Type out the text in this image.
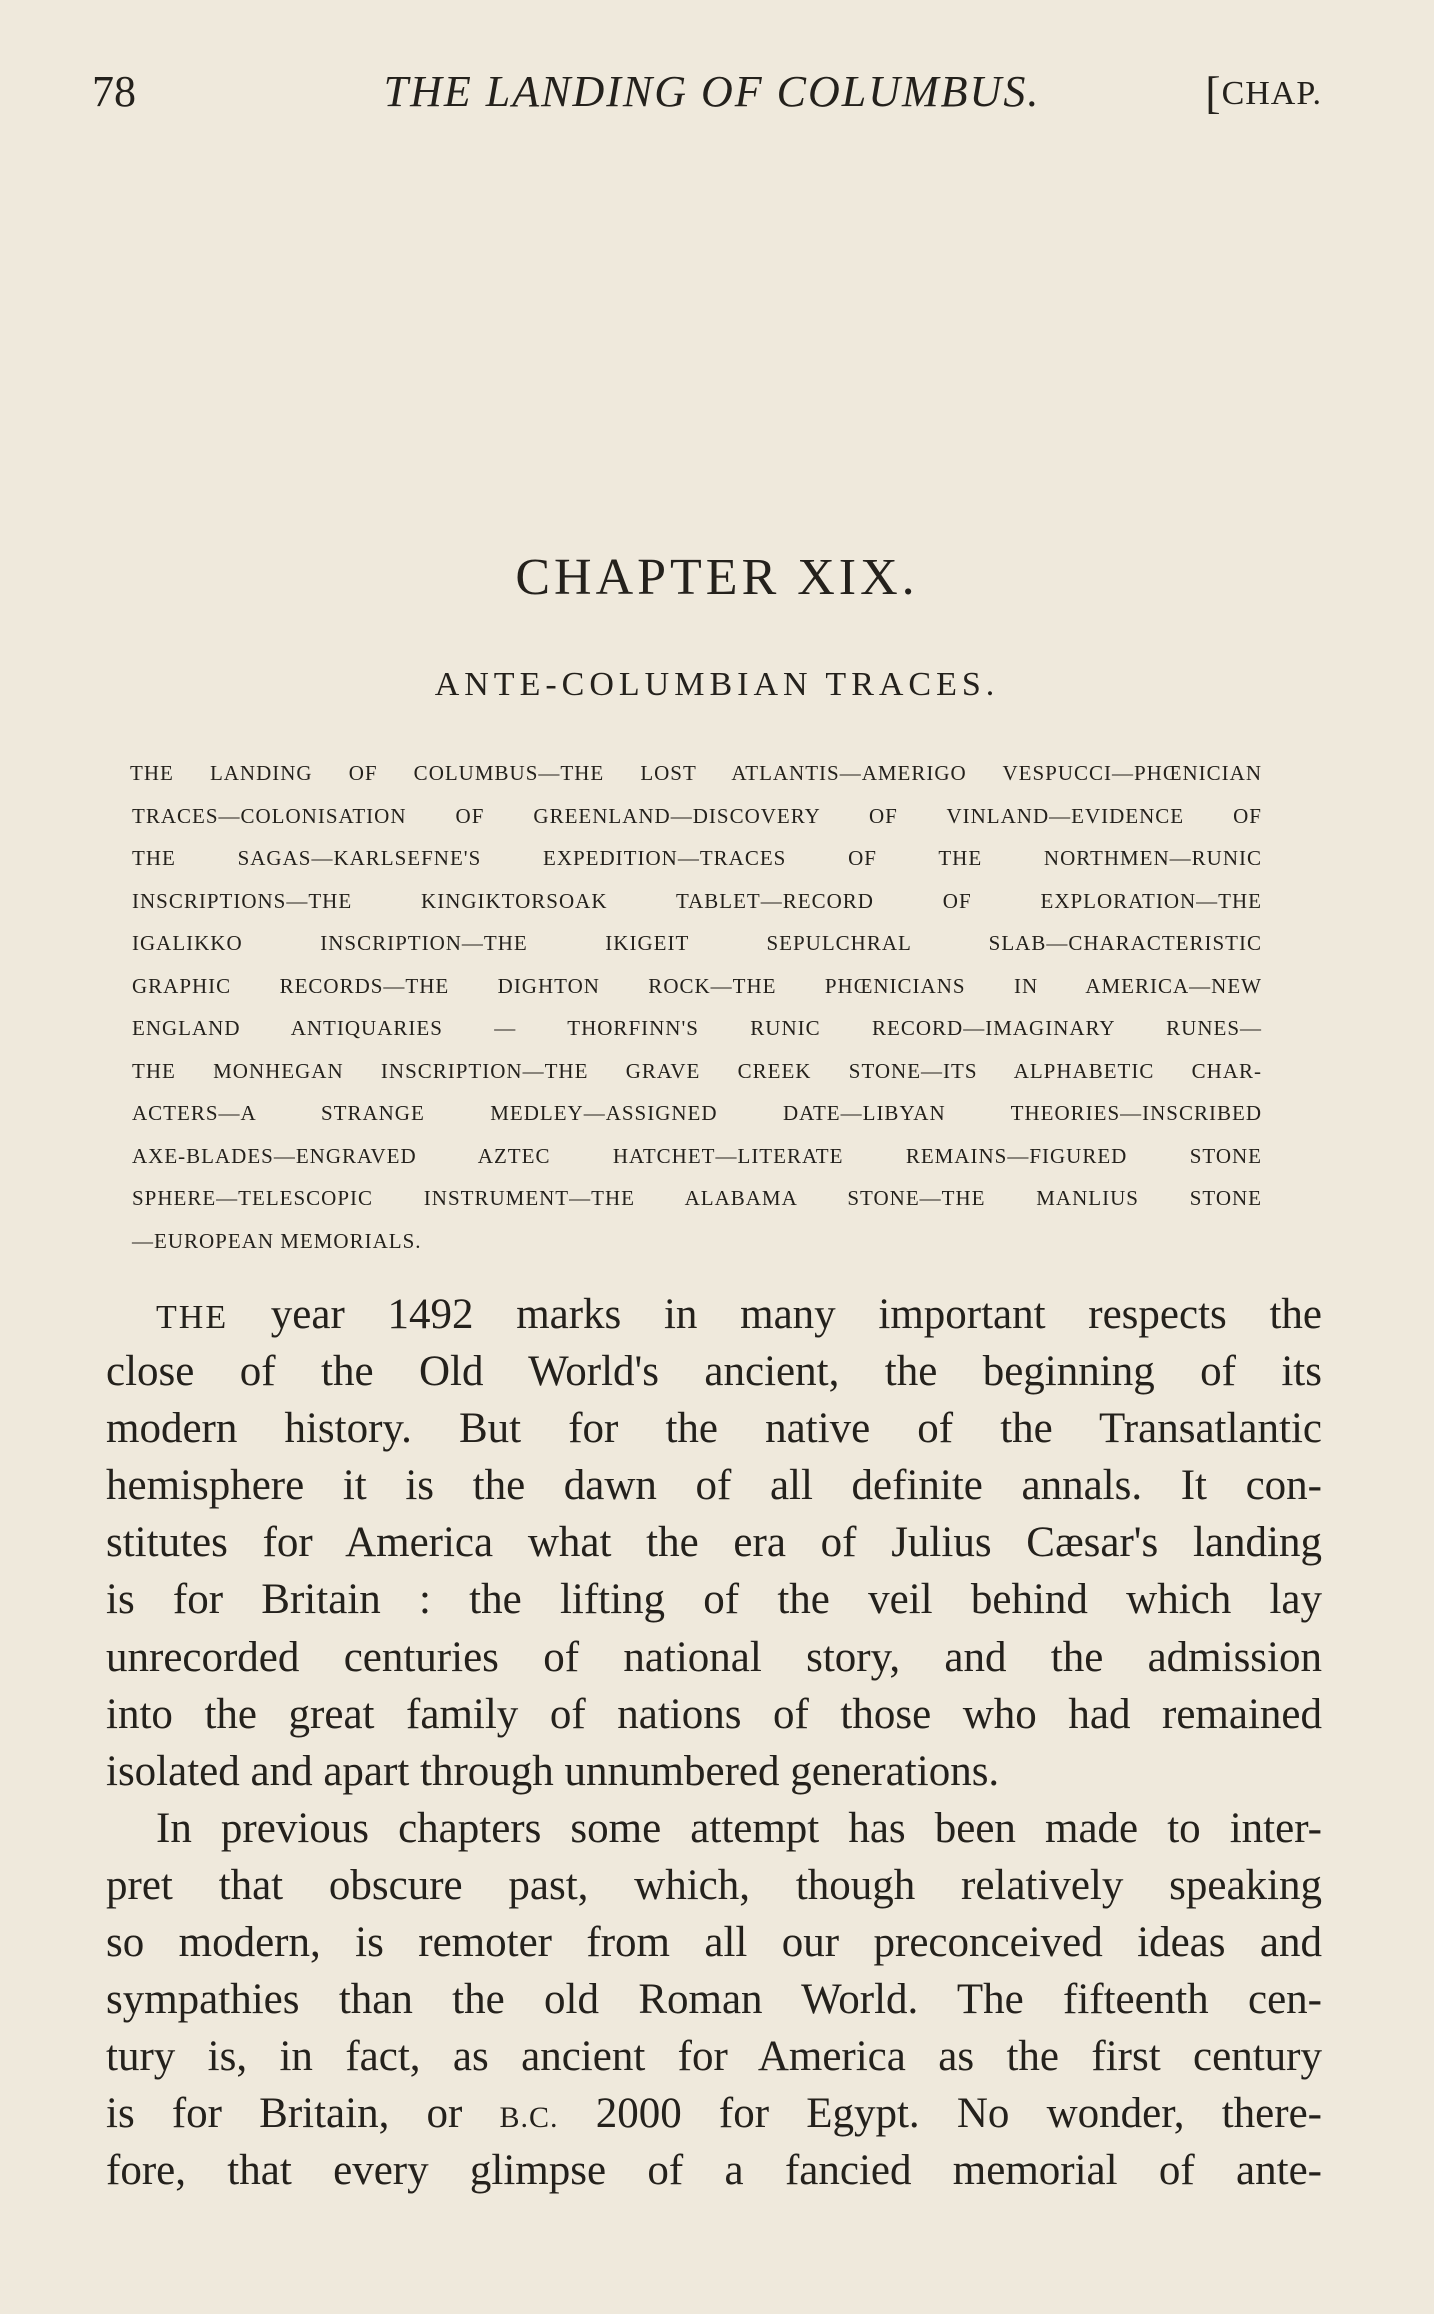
78	THE LANDING OF COLUMBUS.	[CHAP.
CHAPTER XIX.
ANTE-COLUMBIAN TRACES.
THE LANDING OF COLUMBUS—THE LOST ATLANTIS—AMERIGO VESPUCCI—PHŒNICIAN
TRACES—COLONISATION OF GREENLAND—DISCOVERY OF VINLAND—EVIDENCE OF
THE SAGAS—KARLSEFNE'S EXPEDITION—TRACES OF THE NORTHMEN—RUNIC
INSCRIPTIONS—THE KINGIKTORSOAK TABLET—RECORD OF EXPLORATION—THE
IGALIKKO INSCRIPTION—THE IKIGEIT SEPULCHRAL SLAB—CHARACTERISTIC
GRAPHIC RECORDS—THE DIGHTON ROCK—THE PHŒNICIANS IN AMERICA—NEW
ENGLAND ANTIQUARIES — THORFINN'S RUNIC RECORD—IMAGINARY RUNES—
THE MONHEGAN INSCRIPTION—THE GRAVE CREEK STONE—ITS ALPHABETIC CHAR-
ACTERS—A STRANGE MEDLEY—ASSIGNED DATE—LIBYAN THEORIES—INSCRIBED
AXE-BLADES—ENGRAVED AZTEC HATCHET—LITERATE REMAINS—FIGURED STONE
SPHERE—TELESCOPIC INSTRUMENT—THE ALABAMA STONE—THE MANLIUS STONE
—EUROPEAN MEMORIALS.
THE year 1492 marks in many important respects the
close of the Old World's ancient, the beginning of its
modern history. But for the native of the Transatlantic
hemisphere it is the dawn of all definite annals. It con-
stitutes for America what the era of Julius Cæsar's landing
is for Britain : the lifting of the veil behind which lay
unrecorded centuries of national story, and the admission
into the great family of nations of those who had remained
isolated and apart through unnumbered generations.
In previous chapters some attempt has been made to inter-
pret that obscure past, which, though relatively speaking
so modern, is remoter from all our preconceived ideas and
sympathies than the old Roman World. The fifteenth cen-
tury is, in fact, as ancient for America as the first century
is for Britain, or B.C. 2000 for Egypt. No wonder, there-
fore, that every glimpse of a fancied memorial of ante-
